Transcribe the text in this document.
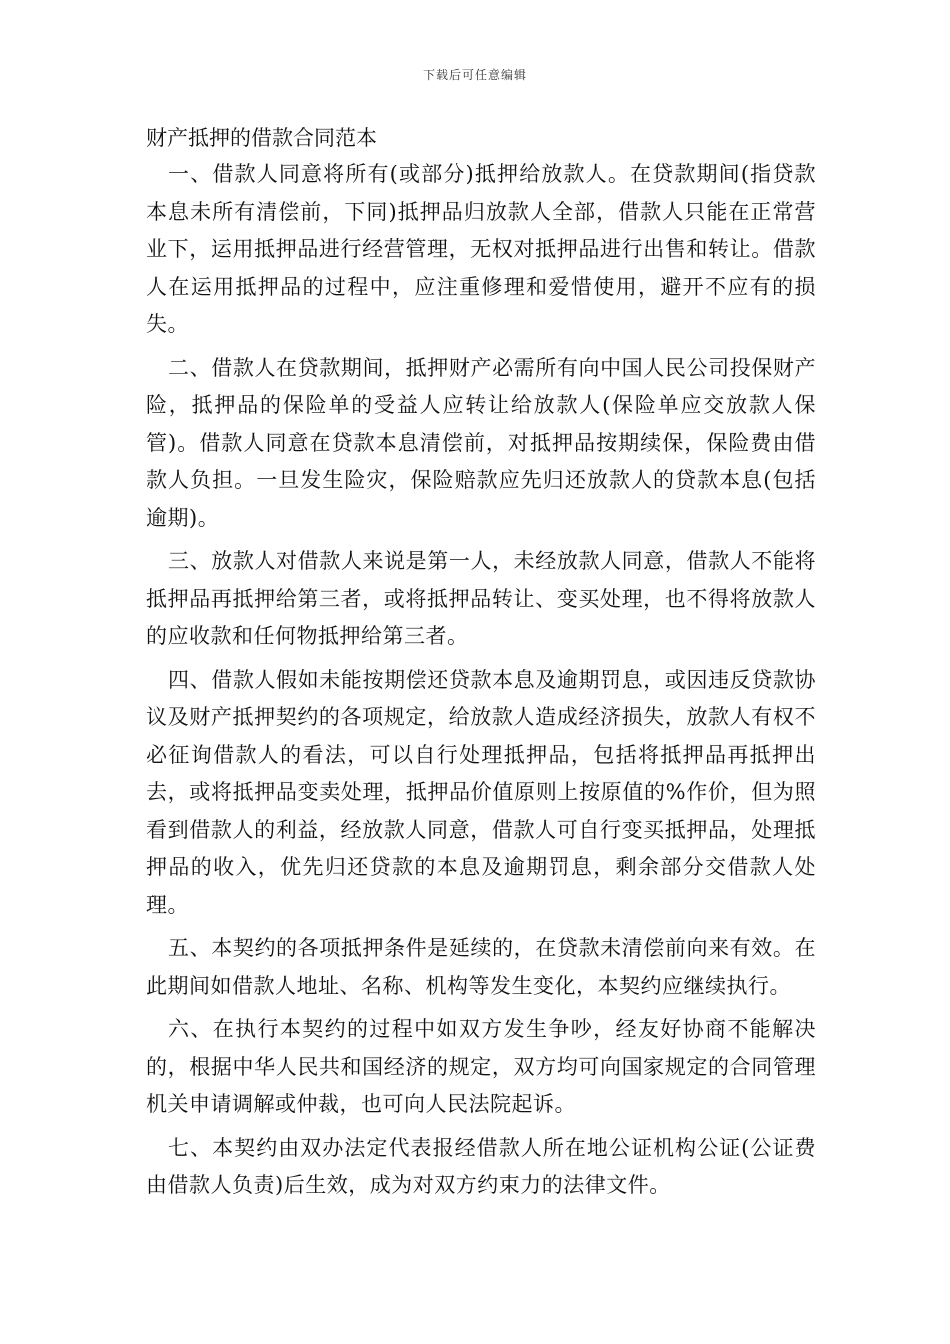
下载后可任意编辑
财产抵押的借款合同范本

一、借款人同意将所有(或部分)抵押给放款人。在贷款期间(指贷款本息未所有清偿前，下同)抵押品归放款人全部，借款人只能在正常营业下，运用抵押品进行经营管理，无权对抵押品进行出售和转让。借款人在运用抵押品的过程中，应注重修理和爱惜使用，避开不应有的损失。

二、借款人在贷款期间，抵押财产必需所有向中国人民公司投保财产险，抵押品的保险单的受益人应转让给放款人(保险单应交放款人保管)。借款人同意在贷款本息清偿前，对抵押品按期续保，保险费由借款人负担。一旦发生险灾，保险赔款应先归还放款人的贷款本息(包括逾期)。

三、放款人对借款人来说是第一人，未经放款人同意，借款人不能将抵押品再抵押给第三者，或将抵押品转让、变买处理，也不得将放款人的应收款和任何物抵押给第三者。

四、借款人假如未能按期偿还贷款本息及逾期罚息，或因违反贷款协议及财产抵押契约的各项规定，给放款人造成经济损失，放款人有权不必征询借款人的看法，可以自行处理抵押品，包括将抵押品再抵押出去，或将抵押品变卖处理，抵押品价值原则上按原值的%作价，但为照看到借款人的利益，经放款人同意，借款人可自行变买抵押品，处理抵押品的收入，优先归还贷款的本息及逾期罚息，剩余部分交借款人处理。

五、本契约的各项抵押条件是延续的，在贷款未清偿前向来有效。在此期间如借款人地址、名称、机构等发生变化，本契约应继续执行。

六、在执行本契约的过程中如双方发生争吵，经友好协商不能解决的，根据中华人民共和国经济的规定，双方均可向国家规定的合同管理机关申请调解或仲裁，也可向人民法院起诉。

七、本契约由双办法定代表报经借款人所在地公证机构公证(公证费由借款人负责)后生效，成为对双方约束力的法律文件。
